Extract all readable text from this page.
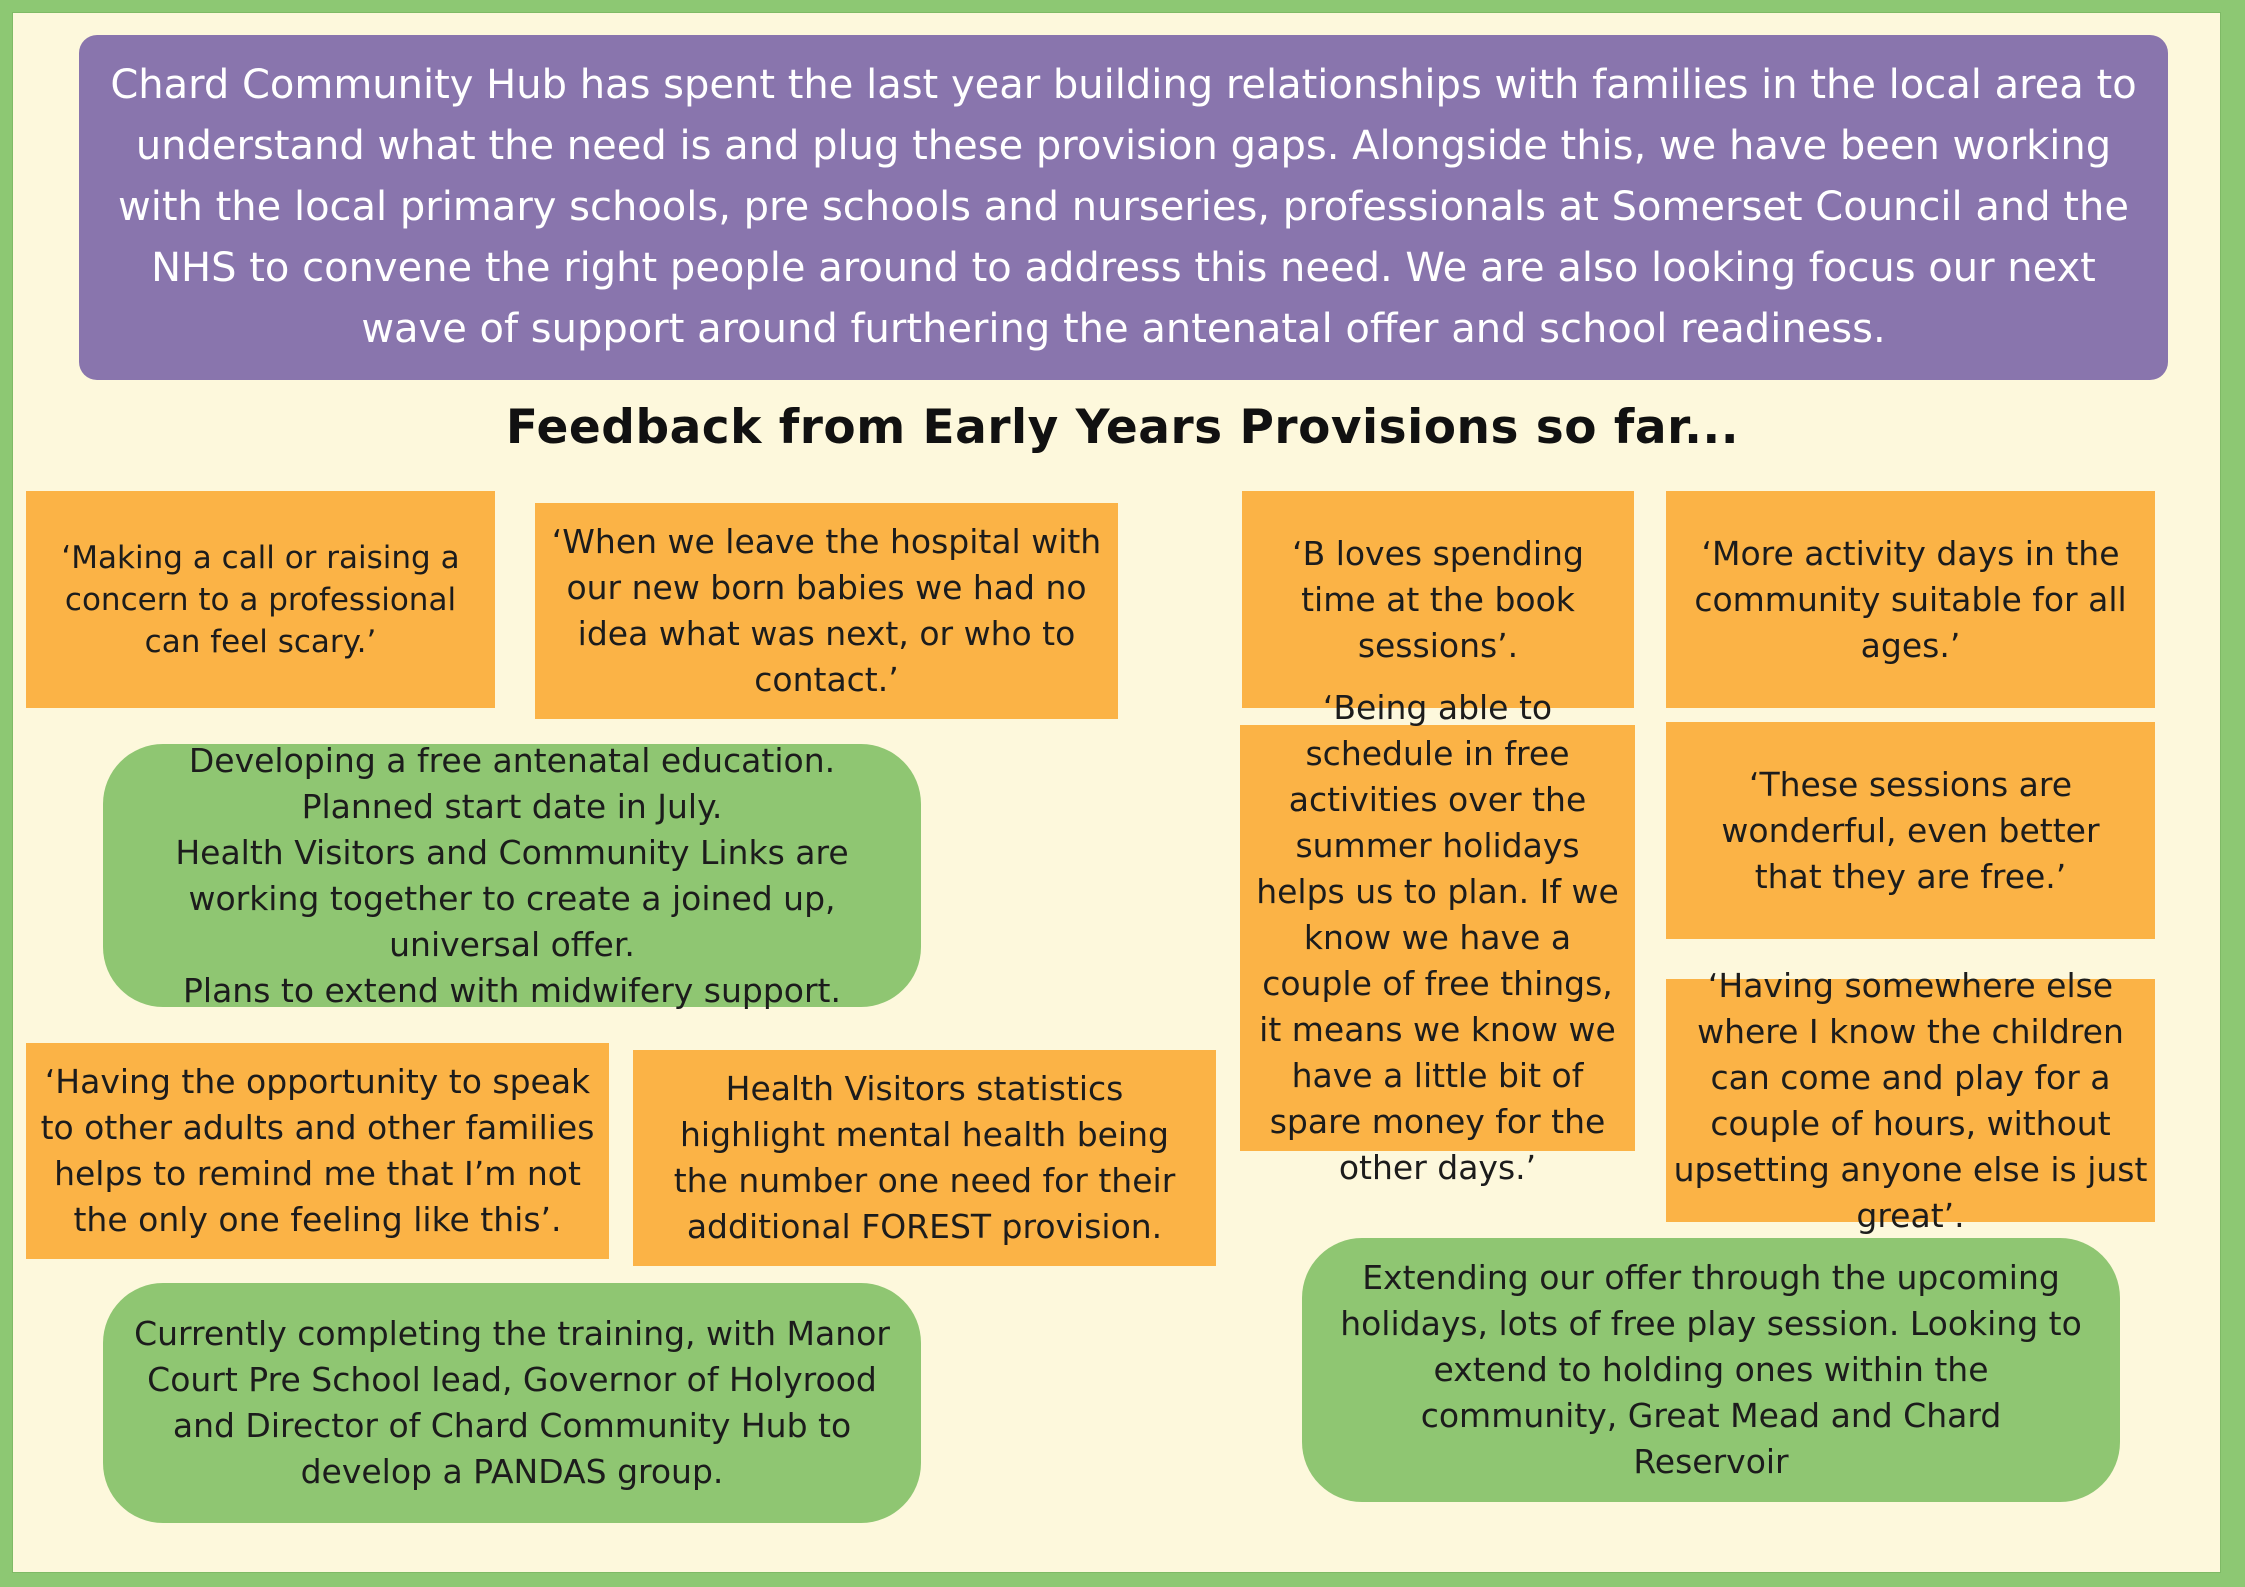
Chard Community Hub has spent the last year building relationships with families in the local area to understand what the need is and plug these provision gaps. Alongside this, we have been working with the local primary schools, pre schools and nurseries, professionals at Somerset Council and the NHS to convene the right people around to address this need. We are also looking focus our next wave of support around furthering the antenatal offer and school readiness.
Feedback from Early Years Provisions so far...
‘Making a call or raising a concern to a professional can feel scary.’
‘When we leave the hospital with our new born babies we had no idea what was next, or who to contact.’
‘B loves spending time at the book sessions’.
‘More activity days in the community suitable for all ages.’
‘Being able to schedule in free activities over the summer holidays helps us to plan. If we know we have a couple of free things, it means we know we have a little bit of spare money for the other days.’
‘These sessions are wonderful, even better that they are free.’
‘Having somewhere else where I know the children can come and play for a couple of hours, without upsetting anyone else is just great’.
‘Having the opportunity to speak to other adults and other families helps to remind me that I’m not the only one feeling like this’.
Health Visitors statistics highlight mental health being the number one need for their additional FOREST provision.
Developing a free antenatal education. Planned start date in July.
Health Visitors and Community Links are working together to create a joined up, universal offer.
Plans to extend with midwifery support.
Currently completing the training, with Manor Court Pre School lead, Governor of Holyrood and Director of Chard Community Hub to develop a PANDAS group.
Extending our offer through the upcoming holidays, lots of free play session. Looking to extend to holding ones within the community, Great Mead and Chard Reservoir
